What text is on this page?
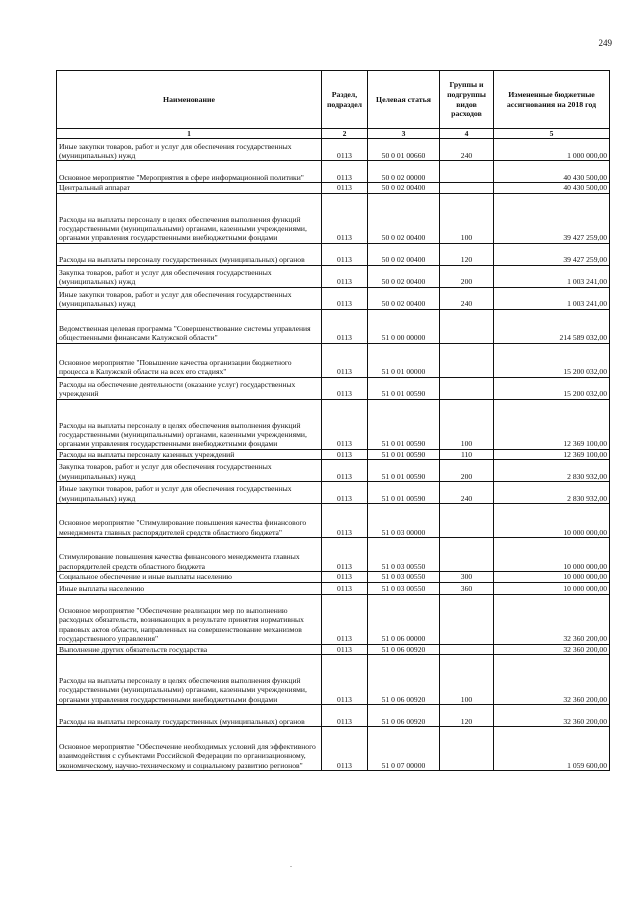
249
Наименование	Раздел, подраздел	Целевая статья	Группы и подгруппы видов расходов	Измененные бюджетные ассигнования на 2018 год
1	2	3	4	5
Иные закупки товаров, работ и услуг для обеспечения государственных (муниципальных) нужд	0113	50 0 01 00660	240	1 000 000,00
Основное мероприятие "Мероприятия в сфере информационной политики"	0113	50 0 02 00000		40 430 500,00
Центральный аппарат	0113	50 0 02 00400		40 430 500,00
Расходы на выплаты персоналу в целях обеспечения выполнения функций государственными (муниципальными) органами, казенными учреждениями, органами управления государственными внебюджетными фондами	0113	50 0 02 00400	100	39 427 259,00
Расходы на выплаты персоналу государственных (муниципальных) органов	0113	50 0 02 00400	120	39 427 259,00
Закупка товаров, работ и услуг для обеспечения государственных (муниципальных) нужд	0113	50 0 02 00400	200	1 003 241,00
Иные закупки товаров, работ и услуг для обеспечения государственных (муниципальных) нужд	0113	50 0 02 00400	240	1 003 241,00
Ведомственная целевая программа "Совершенствование системы управления общественными финансами Калужской области"	0113	51 0 00 00000		214 589 032,00
Основное мероприятие "Повышение качества организации бюджетного процесса в Калужской области на всех его стадиях"	0113	51 0 01 00000		15 200 032,00
Расходы на обеспечение деятельности (оказание услуг) государственных учреждений	0113	51 0 01 00590		15 200 032,00
Расходы на выплаты персоналу в целях обеспечения выполнения функций государственными (муниципальными) органами, казенными учреждениями, органами управления государственными внебюджетными фондами	0113	51 0 01 00590	100	12 369 100,00
Расходы на выплаты персоналу казенных учреждений	0113	51 0 01 00590	110	12 369 100,00
Закупка товаров, работ и услуг для обеспечения государственных (муниципальных) нужд	0113	51 0 01 00590	200	2 830 932,00
Иные закупки товаров, работ и услуг для обеспечения государственных (муниципальных) нужд	0113	51 0 01 00590	240	2 830 932,00
Основное мероприятие "Стимулирование повышения качества финансового менеджмента главных распорядителей средств областного бюджета"	0113	51 0 03 00000		10 000 000,00
Стимулирование повышения качества финансового менеджмента главных распорядителей средств областного бюджета	0113	51 0 03 00550		10 000 000,00
Социальное обеспечение и иные выплаты населению	0113	51 0 03 00550	300	10 000 000,00
Иные выплаты населению	0113	51 0 03 00550	360	10 000 000,00
Основное мероприятие "Обеспечение реализации мер по выполнению расходных обязательств, возникающих в результате принятия нормативных правовых актов области, направленных на совершенствование механизмов государственного управления"	0113	51 0 06 00000		32 360 200,00
Выполнение других обязательств государства	0113	51 0 06 00920		32 360 200,00
Расходы на выплаты персоналу в целях обеспечения выполнения функций государственными (муниципальными) органами, казенными учреждениями, органами управления государственными внебюджетными фондами	0113	51 0 06 00920	100	32 360 200,00
Расходы на выплаты персоналу государственных (муниципальных) органов	0113	51 0 06 00920	120	32 360 200,00
Основное мероприятие "Обеспечение необходимых условий для эффективного взаимодействия с субъектами Российской Федерации по организационному, экономическому, научно-техническому и социальному развитию регионов"	0113	51 0 07 00000		1 059 600,00
.
